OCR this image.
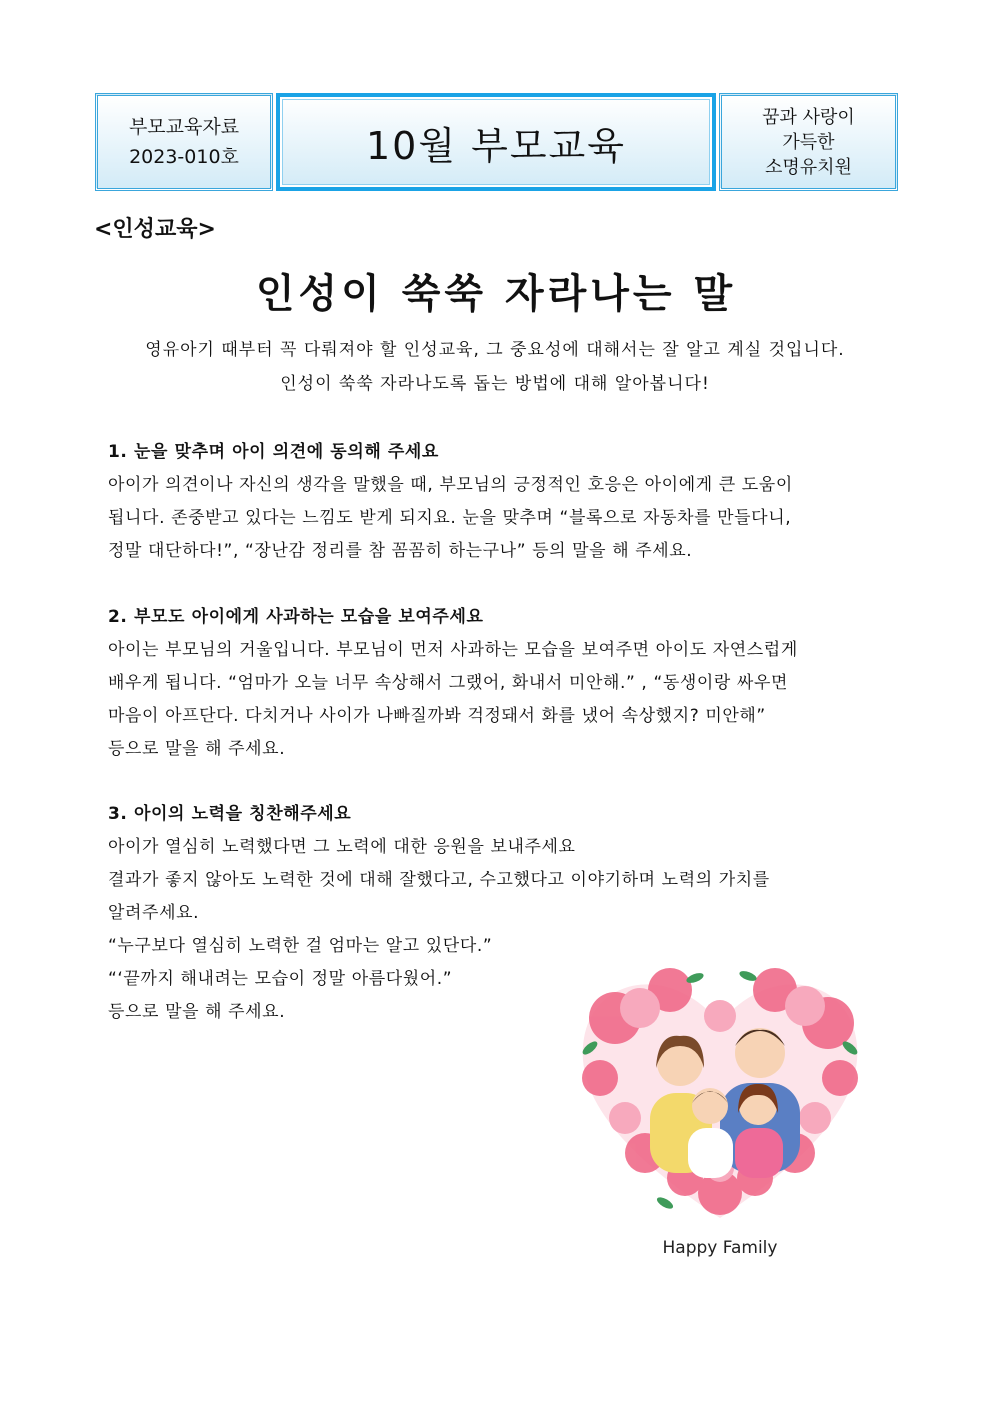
부모교육자료
2023-010호	10월 부모교육
꿈과 사랑이
가득한
소명유치원
<인성교육>
인성이 쑥쑥 자라나는 말
영유아기 때부터 꼭 다뤄져야 할 인성교육, 그 중요성에 대해서는 잘 알고 계실 것입니다.
인성이 쑥쑥 자라나도록 돕는 방법에 대해 알아봅니다!
1. 눈을 맞추며 아이 의견에 동의해 주세요
아이가 의견이나 자신의 생각을 말했을 때, 부모님의 긍정적인 호응은 아이에게 큰 도움이
됩니다. 존중받고 있다는 느낌도 받게 되지요. 눈을 맞추며 “블록으로 자동차를 만들다니,
정말 대단하다!”, “장난감 정리를 참 꼼꼼히 하는구나” 등의 말을 해 주세요.
2. 부모도 아이에게 사과하는 모습을 보여주세요
아이는 부모님의 거울입니다. 부모님이 먼저 사과하는 모습을 보여주면 아이도 자연스럽게
배우게 됩니다. “엄마가 오늘 너무 속상해서 그랬어, 화내서 미안해.” , “동생이랑 싸우면
마음이 아프단다. 다치거나 사이가 나빠질까봐 걱정돼서 화를 냈어 속상했지? 미안해”
등으로 말을 해 주세요.
3. 아이의 노력을 칭찬해주세요
아이가 열심히 노력했다면 그 노력에 대한 응원을 보내주세요
결과가 좋지 않아도 노력한 것에 대해 잘했다고, 수고했다고 이야기하며 노력의 가치를
알려주세요.
“누구보다 열심히 노력한 걸 엄마는 알고 있단다.”
“‘끝까지 해내려는 모습이 정말 아름다웠어.”
등으로 말을 해 주세요.
Happy Family
